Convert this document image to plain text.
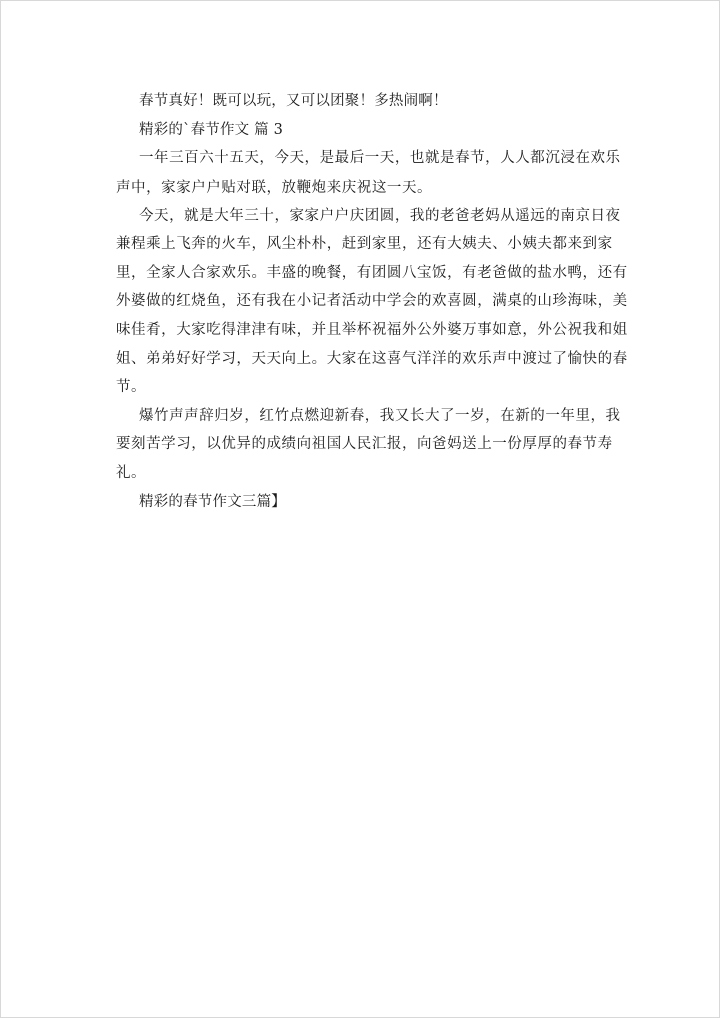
春节真好！既可以玩，又可以团聚！多热闹啊！
精彩的`春节作文 篇 3
一年三百六十五天，今天，是最后一天，也就是春节，人人都沉浸在欢乐
声中，家家户户贴对联，放鞭炮来庆祝这一天。
今天，就是大年三十，家家户户庆团圆，我的老爸老妈从遥远的南京日夜
兼程乘上飞奔的火车，风尘朴朴，赶到家里，还有大姨夫、小姨夫都来到家
里，全家人合家欢乐。丰盛的晚餐，有团圆八宝饭，有老爸做的盐水鸭，还有
外婆做的红烧鱼，还有我在小记者活动中学会的欢喜圆，满桌的山珍海味，美
味佳肴，大家吃得津津有味，并且举杯祝福外公外婆万事如意，外公祝我和姐
姐、弟弟好好学习，天天向上。大家在这喜气洋洋的欢乐声中渡过了愉快的春
节。
爆竹声声辞归岁，红竹点燃迎新春，我又长大了一岁，在新的一年里，我
要刻苦学习，以优异的成绩向祖国人民汇报，向爸妈送上一份厚厚的春节寿
礼。
精彩的春节作文三篇】
